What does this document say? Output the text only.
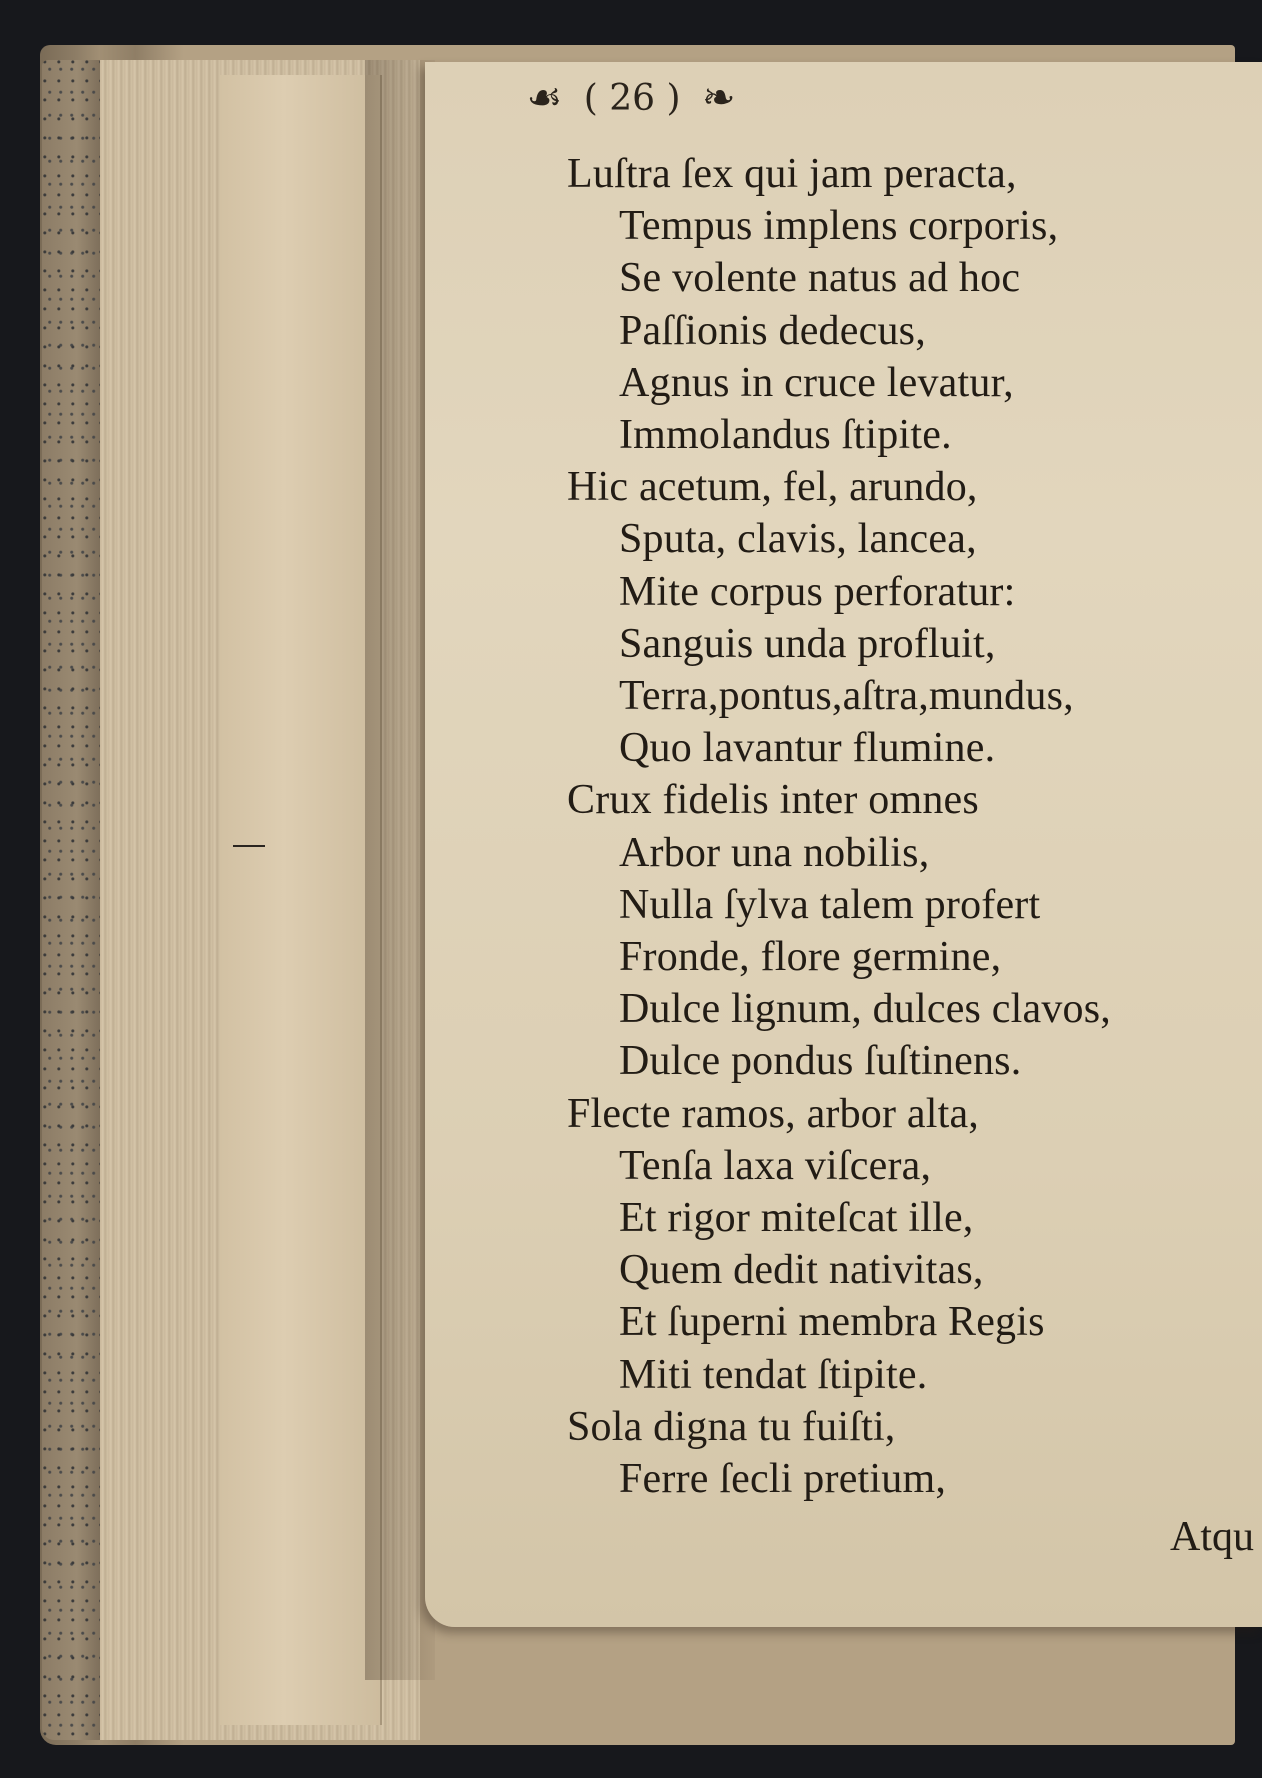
☙ ( 26 ) ❧
Luſtra ſex qui jam peracta,
Tempus implens corporis,
Se volente natus ad hoc
Paſſionis dedecus,
Agnus in cruce levatur,
Immolandus ſtipite.
Hic acetum, fel, arundo,
Sputa, clavis, lancea,
Mite corpus perforatur:
Sanguis unda profluit,
Terra,pontus,aſtra,mundus,
Quo lavantur flumine.
Crux fidelis inter omnes
Arbor una nobilis,
Nulla ſylva talem profert
Fronde, flore germine,
Dulce lignum, dulces clavos,
Dulce pondus ſuſtinens.
Flecte ramos, arbor alta,
Tenſa laxa viſcera,
Et rigor miteſcat ille,
Quem dedit nativitas,
Et ſuperni membra Regis
Miti tendat ſtipite.
Sola digna tu fuiſti,
Ferre ſecli pretium,
Atqu
